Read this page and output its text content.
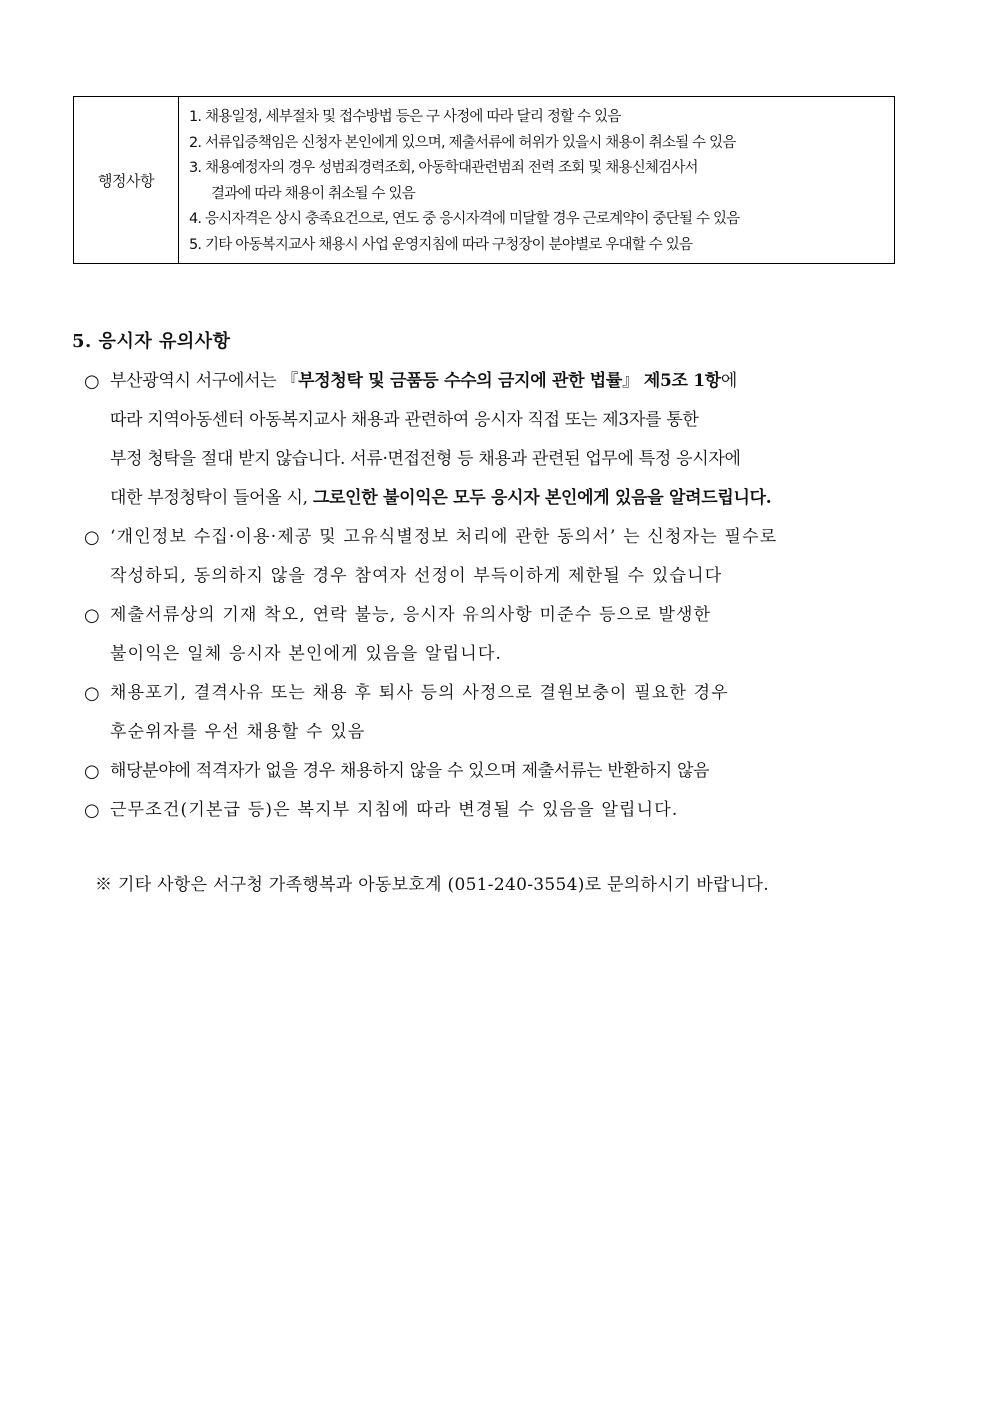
행정사항
1. 채용일정, 세부절차 및 접수방법 등은 구 사정에 따라 달리 정할 수 있음
2. 서류입증책임은 신청자 본인에게 있으며, 제출서류에 허위가 있을시 채용이 취소될 수 있음
3. 채용예정자의 경우 성범죄경력조회, 아동학대관련범죄 전력 조회 및 채용신체검사서
결과에 따라 채용이 취소될 수 있음
4. 응시자격은 상시 충족요건으로, 연도 중 응시자격에 미달할 경우 근로계약이 중단될 수 있음
5. 기타 아동복지교사 채용시 사업 운영지침에 따라 구청장이 분야별로 우대할 수 있음
5. 응시자 유의사항
○ 부산광역시 서구에서는 『부정청탁 및 금품등 수수의 금지에 관한 법률』 제5조 1항에
따라 지역아동센터 아동복지교사 채용과 관련하여 응시자 직접 또는 제3자를 통한
부정 청탁을 절대 받지 않습니다. 서류·면접전형 등 채용과 관련된 업무에 특정 응시자에
대한 부정청탁이 들어올 시, 그로인한 불이익은 모두 응시자 본인에게 있음을 알려드립니다.
○ ‘개인정보 수집·이용·제공 및 고유식별정보 처리에 관한 동의서’ 는 신청자는 필수로
작성하되, 동의하지 않을 경우 참여자 선정이 부득이하게 제한될 수 있습니다
○ 제출서류상의 기재 착오, 연락 불능, 응시자 유의사항 미준수 등으로 발생한
불이익은 일체 응시자 본인에게 있음을 알립니다.
○ 채용포기, 결격사유 또는 채용 후 퇴사 등의 사정으로 결원보충이 필요한 경우
후순위자를 우선 채용할 수 있음
○ 해당분야에 적격자가 없을 경우 채용하지 않을 수 있으며 제출서류는 반환하지 않음
○ 근무조건(기본급 등)은 복지부 지침에 따라 변경될 수 있음을 알립니다.
※ 기타 사항은 서구청 가족행복과 아동보호계 (051-240-3554)로 문의하시기 바랍니다.
